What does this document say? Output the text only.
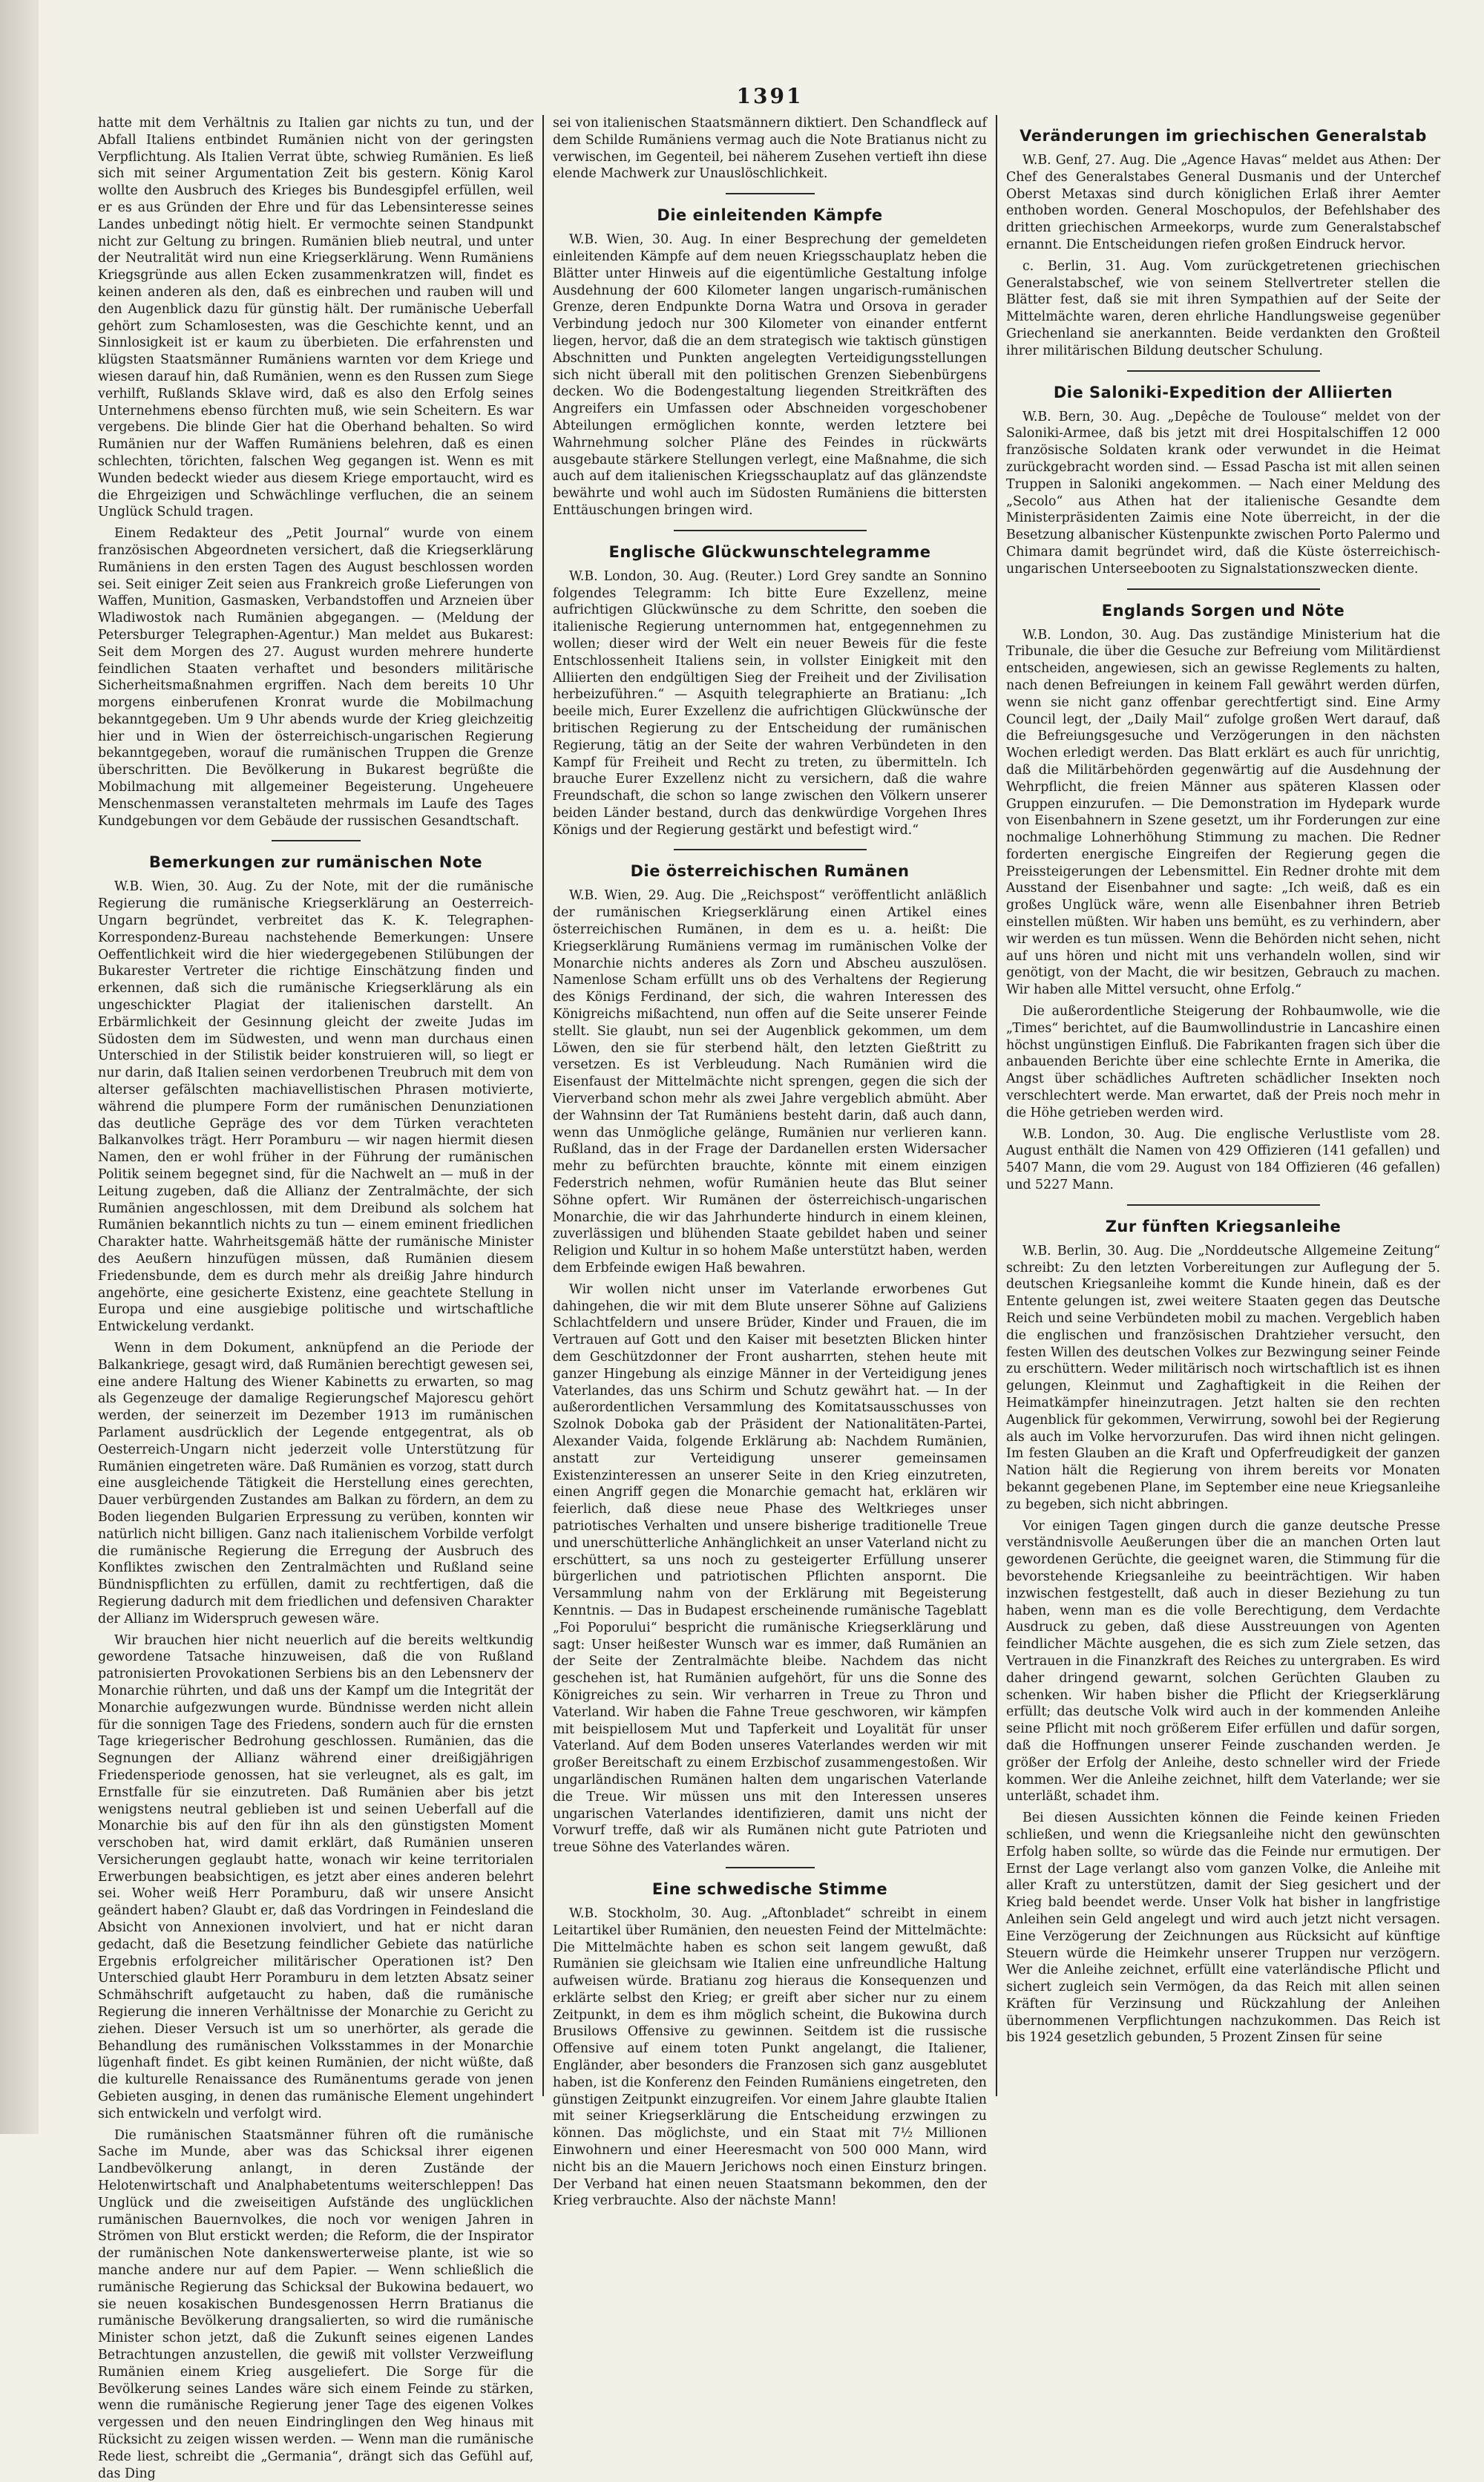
1391

hatte mit dem Verhältnis zu Italien gar nichts zu tun, und der Abfall Italiens entbindet Rumänien nicht von der geringsten Verpflichtung. Als Italien Verrat übte, schwieg Rumänien. Es ließ sich mit seiner Argumentation Zeit bis gestern. König Karol wollte den Ausbruch des Krieges bis Bundesgipfel erfüllen, weil er es aus Gründen der Ehre und für das Lebensinteresse seines Landes unbedingt nötig hielt. Er vermochte seinen Standpunkt nicht zur Geltung zu bringen. Rumänien blieb neutral, und unter der Neutralität wird nun eine Kriegserklärung. Wenn Rumäniens Kriegsgründe aus allen Ecken zusammenkratzen will, findet es keinen anderen als den, daß es einbrechen und rauben will und den Augenblick dazu für günstig hält. Der rumänische Ueberfall gehört zum Schamlosesten, was die Geschichte kennt, und an Sinnlosigkeit ist er kaum zu überbieten. Die erfahrensten und klügsten Staatsmänner Rumäniens warnten vor dem Kriege und wiesen darauf hin, daß Rumänien, wenn es den Russen zum Siege verhilft, Rußlands Sklave wird, daß es also den Erfolg seines Unternehmens ebenso fürchten muß, wie sein Scheitern. Es war vergebens. Die blinde Gier hat die Oberhand behalten. So wird Rumänien nur der Waffen Rumäniens belehren, daß es einen schlechten, törichten, falschen Weg gegangen ist. Wenn es mit Wunden bedeckt wieder aus diesem Kriege emportaucht, wird es die Ehrgeizigen und Schwächlinge verfluchen, die an seinem Unglück Schuld tragen.

Einem Redakteur des „Petit Journal“ wurde von einem französischen Abgeordneten versichert, daß die Kriegserklärung Rumäniens in den ersten Tagen des August beschlossen worden sei. Seit einiger Zeit seien aus Frankreich große Lieferungen von Waffen, Munition, Gasmasken, Verbandstoffen und Arzneien über Wladiwostok nach Rumänien abgegangen. — (Meldung der Petersburger Telegraphen-Agentur.) Man meldet aus Bukarest: Seit dem Morgen des 27. August wurden mehrere hunderte feindlichen Staaten verhaftet und besonders militärische Sicherheitsmaßnahmen ergriffen. Nach dem bereits 10 Uhr morgens einberufenen Kronrat wurde die Mobilmachung bekanntgegeben. Um 9 Uhr abends wurde der Krieg gleichzeitig hier und in Wien der österreichisch-ungarischen Regierung bekanntgegeben, worauf die rumänischen Truppen die Grenze überschritten. Die Bevölkerung in Bukarest begrüßte die Mobilmachung mit allgemeiner Begeisterung. Ungeheuere Menschenmassen veranstalteten mehrmals im Laufe des Tages Kundgebungen vor dem Gebäude der russischen Gesandtschaft.

Bemerkungen zur rumänischen Note

W.B. Wien, 30. Aug. Zu der Note, mit der die rumänische Regierung die rumänische Kriegserklärung an Oesterreich-Ungarn begründet, verbreitet das K. K. Telegraphen-Korrespondenz-Bureau nachstehende Bemerkungen: Unsere Oeffentlichkeit wird die hier wiedergegebenen Stilübungen der Bukarester Vertreter die richtige Einschätzung finden und erkennen, daß sich die rumänische Kriegserklärung als ein ungeschickter Plagiat der italienischen darstellt. An Erbärmlichkeit der Gesinnung gleicht der zweite Judas im Südosten dem im Südwesten, und wenn man durchaus einen Unterschied in der Stilistik beider konstruieren will, so liegt er nur darin, daß Italien seinen verdorbenen Treubruch mit dem von alterser gefälschten machiavellistischen Phrasen motivierte, während die plumpere Form der rumänischen Denunziationen das deutliche Gepräge des vor dem Türken verachteten Balkanvolkes trägt. Herr Poramburu — wir nagen hiermit diesen Namen, den er wohl früher in der Führung der rumänischen Politik seinem begegnet sind, für die Nachwelt an — muß in der Leitung zugeben, daß die Allianz der Zentralmächte, der sich Rumänien angeschlossen, mit dem Dreibund als solchem hat Rumänien bekanntlich nichts zu tun — einem eminent friedlichen Charakter hatte. Wahrheitsgemäß hätte der rumänische Minister des Aeußern hinzufügen müssen, daß Rumänien diesem Friedensbunde, dem es durch mehr als dreißig Jahre hindurch angehörte, eine gesicherte Existenz, eine geachtete Stellung in Europa und eine ausgiebige politische und wirtschaftliche Entwickelung verdankt.

Wenn in dem Dokument, anknüpfend an die Periode der Balkankriege, gesagt wird, daß Rumänien berechtigt gewesen sei, eine andere Haltung des Wiener Kabinetts zu erwarten, so mag als Gegenzeuge der damalige Regierungschef Majorescu gehört werden, der seinerzeit im Dezember 1913 im rumänischen Parlament ausdrücklich der Legende entgegentrat, als ob Oesterreich-Ungarn nicht jederzeit volle Unterstützung für Rumänien eingetreten wäre. Daß Rumänien es vorzog, statt durch eine ausgleichende Tätigkeit die Herstellung eines gerechten, Dauer verbürgenden Zustandes am Balkan zu fördern, an dem zu Boden liegenden Bulgarien Erpressung zu verüben, konnten wir natürlich nicht billigen. Ganz nach italienischem Vorbilde verfolgt die rumänische Regierung die Erregung der Ausbruch des Konfliktes zwischen den Zentralmächten und Rußland seine Bündnispflichten zu erfüllen, damit zu rechtfertigen, daß die Regierung dadurch mit dem friedlichen und defensiven Charakter der Allianz im Widerspruch gewesen wäre.

Wir brauchen hier nicht neuerlich auf die bereits weltkundig gewordene Tatsache hinzuweisen, daß die von Rußland patronisierten Provokationen Serbiens bis an den Lebensnerv der Monarchie rührten, und daß uns der Kampf um die Integrität der Monarchie aufgezwungen wurde. Bündnisse werden nicht allein für die sonnigen Tage des Friedens, sondern auch für die ernsten Tage kriegerischer Bedrohung geschlossen. Rumänien, das die Segnungen der Allianz während einer dreißigjährigen Friedensperiode genossen, hat sie verleugnet, als es galt, im Ernstfalle für sie einzutreten. Daß Rumänien aber bis jetzt wenigstens neutral geblieben ist und seinen Ueberfall auf die Monarchie bis auf den für ihn als den günstigsten Moment verschoben hat, wird damit erklärt, daß Rumänien unseren Versicherungen geglaubt hatte, wonach wir keine territorialen Erwerbungen beabsichtigen, es jetzt aber eines anderen belehrt sei. Woher weiß Herr Poramburu, daß wir unsere Ansicht geändert haben? Glaubt er, daß das Vordringen in Feindesland die Absicht von Annexionen involviert, und hat er nicht daran gedacht, daß die Besetzung feindlicher Gebiete das natürliche Ergebnis erfolgreicher militärischer Operationen ist? Den Unterschied glaubt Herr Poramburu in dem letzten Absatz seiner Schmähschrift aufgetaucht zu haben, daß die rumänische Regierung die inneren Verhältnisse der Monarchie zu Gericht zu ziehen. Dieser Versuch ist um so unerhörter, als gerade die Behandlung des rumänischen Volksstammes in der Monarchie lügenhaft findet. Es gibt keinen Rumänien, der nicht wüßte, daß die kulturelle Renaissance des Rumänentums gerade von jenen Gebieten ausging, in denen das rumänische Element ungehindert sich entwickeln und verfolgt wird.

Die rumänischen Staatsmänner führen oft die rumänische Sache im Munde, aber was das Schicksal ihrer eigenen Landbevölkerung anlangt, in deren Zustände der Helotenwirtschaft und Analphabetentums weiterschleppen! Das Unglück und die zweiseitigen Aufstände des unglücklichen rumänischen Bauernvolkes, die noch vor wenigen Jahren in Strömen von Blut erstickt werden; die Reform, die der Inspirator der rumänischen Note dankenswerterweise plante, ist wie so manche andere nur auf dem Papier. — Wenn schließlich die rumänische Regierung das Schicksal der Bukowina bedauert, wo sie neuen kosakischen Bundesgenossen Herrn Bratianus die rumänische Bevölkerung drangsalierten, so wird die rumänische Minister schon jetzt, daß die Zukunft seines eigenen Landes Betrachtungen anzustellen, die gewiß mit vollster Verzweiflung Rumänien einem Krieg ausgeliefert. Die Sorge für die Bevölkerung seines Landes wäre sich einem Feinde zu stärken, wenn die rumänische Regierung jener Tage des eigenen Volkes vergessen und den neuen Eindringlingen den Weg hinaus mit Rücksicht zu zeigen wissen werden. — Wenn man die rumänische Rede liest, schreibt die „Germania“, drängt sich das Gefühl auf, das Ding

sei von italienischen Staatsmännern diktiert. Den Schandfleck auf dem Schilde Rumäniens vermag auch die Note Bratianus nicht zu verwischen, im Gegenteil, bei näherem Zusehen vertieft ihn diese elende Machwerk zur Unauslöschlichkeit.

Die einleitenden Kämpfe

W.B. Wien, 30. Aug. In einer Besprechung der gemeldeten einleitenden Kämpfe auf dem neuen Kriegsschauplatz heben die Blätter unter Hinweis auf die eigentümliche Gestaltung infolge Ausdehnung der 600 Kilometer langen ungarisch-rumänischen Grenze, deren Endpunkte Dorna Watra und Orsova in gerader Verbindung jedoch nur 300 Kilometer von einander entfernt liegen, hervor, daß die an dem strategisch wie taktisch günstigen Abschnitten und Punkten angelegten Verteidigungsstellungen sich nicht überall mit den politischen Grenzen Siebenbürgens decken. Wo die Bodengestaltung liegenden Streitkräften des Angreifers ein Umfassen oder Abschneiden vorgeschobener Abteilungen ermöglichen konnte, werden letztere bei Wahrnehmung solcher Pläne des Feindes in rückwärts ausgebaute stärkere Stellungen verlegt, eine Maßnahme, die sich auch auf dem italienischen Kriegsschauplatz auf das glänzendste bewährte und wohl auch im Südosten Rumäniens die bittersten Enttäuschungen bringen wird.

Englische Glückwunschtelegramme

W.B. London, 30. Aug. (Reuter.) Lord Grey sandte an Sonnino folgendes Telegramm: Ich bitte Eure Exzellenz, meine aufrichtigen Glückwünsche zu dem Schritte, den soeben die italienische Regierung unternommen hat, entgegennehmen zu wollen; dieser wird der Welt ein neuer Beweis für die feste Entschlossenheit Italiens sein, in vollster Einigkeit mit den Alliierten den endgültigen Sieg der Freiheit und der Zivilisation herbeizuführen.“ — Asquith telegraphierte an Bratianu: „Ich beeile mich, Eurer Exzellenz die aufrichtigen Glückwünsche der britischen Regierung zu der Entscheidung der rumänischen Regierung, tätig an der Seite der wahren Verbündeten in den Kampf für Freiheit und Recht zu treten, zu übermitteln. Ich brauche Eurer Exzellenz nicht zu versichern, daß die wahre Freundschaft, die schon so lange zwischen den Völkern unserer beiden Länder bestand, durch das denkwürdige Vorgehen Ihres Königs und der Regierung gestärkt und befestigt wird.“

Die österreichischen Rumänen

W.B. Wien, 29. Aug. Die „Reichspost“ veröffentlicht anläßlich der rumänischen Kriegserklärung einen Artikel eines österreichischen Rumänen, in dem es u. a. heißt: Die Kriegserklärung Rumäniens vermag im rumänischen Volke der Monarchie nichts anderes als Zorn und Abscheu auszulösen. Namenlose Scham erfüllt uns ob des Verhaltens der Regierung des Königs Ferdinand, der sich, die wahren Interessen des Königreichs mißachtend, nun offen auf die Seite unserer Feinde stellt. Sie glaubt, nun sei der Augenblick gekommen, um dem Löwen, den sie für sterbend hält, den letzten Gießtritt zu versetzen. Es ist Verbleudung. Nach Rumänien wird die Eisenfaust der Mittelmächte nicht sprengen, gegen die sich der Vierverband schon mehr als zwei Jahre vergeblich abmüht. Aber der Wahnsinn der Tat Rumäniens besteht darin, daß auch dann, wenn das Unmögliche gelänge, Rumänien nur verlieren kann. Rußland, das in der Frage der Dardanellen ersten Widersacher mehr zu befürchten brauchte, könnte mit einem einzigen Federstrich nehmen, wofür Rumänien heute das Blut seiner Söhne opfert. Wir Rumänen der österreichisch-ungarischen Monarchie, die wir das Jahrhunderte hindurch in einem kleinen, zuverlässigen und blühenden Staate gebildet haben und seiner Religion und Kultur in so hohem Maße unterstützt haben, werden dem Erbfeinde ewigen Haß bewahren.

Wir wollen nicht unser im Vaterlande erworbenes Gut dahingehen, die wir mit dem Blute unserer Söhne auf Galiziens Schlachtfeldern und unsere Brüder, Kinder und Frauen, die im Vertrauen auf Gott und den Kaiser mit besetzten Blicken hinter dem Geschützdonner der Front ausharrten, stehen heute mit ganzer Hingebung als einzige Männer in der Verteidigung jenes Vaterlandes, das uns Schirm und Schutz gewährt hat. — In der außerordentlichen Versammlung des Komitatsausschusses von Szolnok Doboka gab der Präsident der Nationalitäten-Partei, Alexander Vaida, folgende Erklärung ab: Nachdem Rumänien, anstatt zur Verteidigung unserer gemeinsamen Existenzinteressen an unserer Seite in den Krieg einzutreten, einen Angriff gegen die Monarchie gemacht hat, erklären wir feierlich, daß diese neue Phase des Weltkrieges unser patriotisches Verhalten und unsere bisherige traditionelle Treue und unerschütterliche Anhänglichkeit an unser Vaterland nicht zu erschüttert, sa uns noch zu gesteigerter Erfüllung unserer bürgerlichen und patriotischen Pflichten anspornt. Die Versammlung nahm von der Erklärung mit Begeisterung Kenntnis. — Das in Budapest erscheinende rumänische Tageblatt „Foi Poporului“ bespricht die rumänische Kriegserklärung und sagt: Unser heißester Wunsch war es immer, daß Rumänien an der Seite der Zentralmächte bleibe. Nachdem das nicht geschehen ist, hat Rumänien aufgehört, für uns die Sonne des Königreiches zu sein. Wir verharren in Treue zu Thron und Vaterland. Wir haben die Fahne Treue geschworen, wir kämpfen mit beispiellosem Mut und Tapferkeit und Loyalität für unser Vaterland. Auf dem Boden unseres Vaterlandes werden wir mit großer Bereitschaft zu einem Erzbischof zusammengestoßen. Wir ungarländischen Rumänen halten dem ungarischen Vaterlande die Treue. Wir müssen uns mit den Interessen unseres ungarischen Vaterlandes identifizieren, damit uns nicht der Vorwurf treffe, daß wir als Rumänen nicht gute Patrioten und treue Söhne des Vaterlandes wären.

Eine schwedische Stimme

W.B. Stockholm, 30. Aug. „Aftonbladet“ schreibt in einem Leitartikel über Rumänien, den neuesten Feind der Mittelmächte: Die Mittelmächte haben es schon seit langem gewußt, daß Rumänien sie gleichsam wie Italien eine unfreundliche Haltung aufweisen würde. Bratianu zog hieraus die Konsequenzen und erklärte selbst den Krieg; er greift aber sicher nur zu einem Zeitpunkt, in dem es ihm möglich scheint, die Bukowina durch Brusilows Offensive zu gewinnen. Seitdem ist die russische Offensive auf einem toten Punkt angelangt, die Italiener, Engländer, aber besonders die Franzosen sich ganz ausgeblutet haben, ist die Konferenz den Feinden Rumäniens eingetreten, den günstigen Zeitpunkt einzugreifen. Vor einem Jahre glaubte Italien mit seiner Kriegserklärung die Entscheidung erzwingen zu können. Das möglichste, und ein Staat mit 7½ Millionen Einwohnern und einer Heeresmacht von 500 000 Mann, wird nicht bis an die Mauern Jerichows noch einen Einsturz bringen. Der Verband hat einen neuen Staatsmann bekommen, den der Krieg verbrauchte. Also der nächste Mann!

Veränderungen im griechischen Generalstab

W.B. Genf, 27. Aug. Die „Agence Havas“ meldet aus Athen: Der Chef des Generalstabes General Dusmanis und der Unterchef Oberst Metaxas sind durch königlichen Erlaß ihrer Aemter enthoben worden. General Moschopulos, der Befehlshaber des dritten griechischen Armeekorps, wurde zum Generalstabschef ernannt. Die Entscheidungen riefen großen Eindruck hervor.

c. Berlin, 31. Aug. Vom zurückgetretenen griechischen Generalstabschef, wie von seinem Stellvertreter stellen die Blätter fest, daß sie mit ihren Sympathien auf der Seite der Mittelmächte waren, deren ehrliche Handlungsweise gegenüber Griechenland sie anerkannten. Beide verdankten den Großteil ihrer militärischen Bildung deutscher Schulung.

Die Saloniki-Expedition der Alliierten

W.B. Bern, 30. Aug. „Depêche de Toulouse“ meldet von der Saloniki-Armee, daß bis jetzt mit drei Hospitalschiffen 12 000 französische Soldaten krank oder verwundet in die Heimat zurückgebracht worden sind. — Essad Pascha ist mit allen seinen Truppen in Saloniki angekommen. — Nach einer Meldung des „Secolo“ aus Athen hat der italienische Gesandte dem Ministerpräsidenten Zaimis eine Note überreicht, in der die Besetzung albanischer Küstenpunkte zwischen Porto Palermo und Chimara damit begründet wird, daß die Küste österreichisch-ungarischen Unterseebooten zu Signalstationszwecken diente.

Englands Sorgen und Nöte

W.B. London, 30. Aug. Das zuständige Ministerium hat die Tribunale, die über die Gesuche zur Befreiung vom Militärdienst entscheiden, angewiesen, sich an gewisse Reglements zu halten, nach denen Befreiungen in keinem Fall gewährt werden dürfen, wenn sie nicht ganz offenbar gerechtfertigt sind. Eine Army Council legt, der „Daily Mail“ zufolge großen Wert darauf, daß die Befreiungsgesuche und Verzögerungen in den nächsten Wochen erledigt werden. Das Blatt erklärt es auch für unrichtig, daß die Militärbehörden gegenwärtig auf die Ausdehnung der Wehrpflicht, die freien Männer aus späteren Klassen oder Gruppen einzurufen. — Die Demonstration im Hydepark wurde von Eisenbahnern in Szene gesetzt, um ihr Forderungen zur eine nochmalige Lohnerhöhung Stimmung zu machen. Die Redner forderten energische Eingreifen der Regierung gegen die Preissteigerungen der Lebensmittel. Ein Redner drohte mit dem Ausstand der Eisenbahner und sagte: „Ich weiß, daß es ein großes Unglück wäre, wenn alle Eisenbahner ihren Betrieb einstellen müßten. Wir haben uns bemüht, es zu verhindern, aber wir werden es tun müssen. Wenn die Behörden nicht sehen, nicht auf uns hören und nicht mit uns verhandeln wollen, sind wir genötigt, von der Macht, die wir besitzen, Gebrauch zu machen. Wir haben alle Mittel versucht, ohne Erfolg.“

Die außerordentliche Steigerung der Rohbaumwolle, wie die „Times“ berichtet, auf die Baumwollindustrie in Lancashire einen höchst ungünstigen Einfluß. Die Fabrikanten fragen sich über die anbauenden Berichte über eine schlechte Ernte in Amerika, die Angst über schädliches Auftreten schädlicher Insekten noch verschlechtert werde. Man erwartet, daß der Preis noch mehr in die Höhe getrieben werden wird.

W.B. London, 30. Aug. Die englische Verlustliste vom 28. August enthält die Namen von 429 Offizieren (141 gefallen) und 5407 Mann, die vom 29. August von 184 Offizieren (46 gefallen) und 5227 Mann.

Zur fünften Kriegsanleihe

W.B. Berlin, 30. Aug. Die „Norddeutsche Allgemeine Zeitung“ schreibt: Zu den letzten Vorbereitungen zur Auflegung der 5. deutschen Kriegsanleihe kommt die Kunde hinein, daß es der Entente gelungen ist, zwei weitere Staaten gegen das Deutsche Reich und seine Verbündeten mobil zu machen. Vergeblich haben die englischen und französischen Drahtzieher versucht, den festen Willen des deutschen Volkes zur Bezwingung seiner Feinde zu erschüttern. Weder militärisch noch wirtschaftlich ist es ihnen gelungen, Kleinmut und Zaghaftigkeit in die Reihen der Heimatkämpfer hineinzutragen. Jetzt halten sie den rechten Augenblick für gekommen, Verwirrung, sowohl bei der Regierung als auch im Volke hervorzurufen. Das wird ihnen nicht gelingen. Im festen Glauben an die Kraft und Opferfreudigkeit der ganzen Nation hält die Regierung von ihrem bereits vor Monaten bekannt gegebenen Plane, im September eine neue Kriegsanleihe zu begeben, sich nicht abbringen.

Vor einigen Tagen gingen durch die ganze deutsche Presse verständnisvolle Aeußerungen über die an manchen Orten laut gewordenen Gerüchte, die geeignet waren, die Stimmung für die bevorstehende Kriegsanleihe zu beeinträchtigen. Wir haben inzwischen festgestellt, daß auch in dieser Beziehung zu tun haben, wenn man es die volle Berechtigung, dem Verdachte Ausdruck zu geben, daß diese Ausstreuungen von Agenten feindlicher Mächte ausgehen, die es sich zum Ziele setzen, das Vertrauen in die Finanzkraft des Reiches zu untergraben. Es wird daher dringend gewarnt, solchen Gerüchten Glauben zu schenken. Wir haben bisher die Pflicht der Kriegserklärung erfüllt; das deutsche Volk wird auch in der kommenden Anleihe seine Pflicht mit noch größerem Eifer erfüllen und dafür sorgen, daß die Hoffnungen unserer Feinde zuschanden werden. Je größer der Erfolg der Anleihe, desto schneller wird der Friede kommen. Wer die Anleihe zeichnet, hilft dem Vaterlande; wer sie unterläßt, schadet ihm.

Bei diesen Aussichten können die Feinde keinen Frieden schließen, und wenn die Kriegsanleihe nicht den gewünschten Erfolg haben sollte, so würde das die Feinde nur ermutigen. Der Ernst der Lage verlangt also vom ganzen Volke, die Anleihe mit aller Kraft zu unterstützen, damit der Sieg gesichert und der Krieg bald beendet werde. Unser Volk hat bisher in langfristige Anleihen sein Geld angelegt und wird auch jetzt nicht versagen. Eine Verzögerung der Zeichnungen aus Rücksicht auf künftige Steuern würde die Heimkehr unserer Truppen nur verzögern. Wer die Anleihe zeichnet, erfüllt eine vaterländische Pflicht und sichert zugleich sein Vermögen, da das Reich mit allen seinen Kräften für Verzinsung und Rückzahlung der Anleihen übernommenen Verpflichtungen nachzukommen. Das Reich ist bis 1924 gesetzlich gebunden, 5 Prozent Zinsen für seine
